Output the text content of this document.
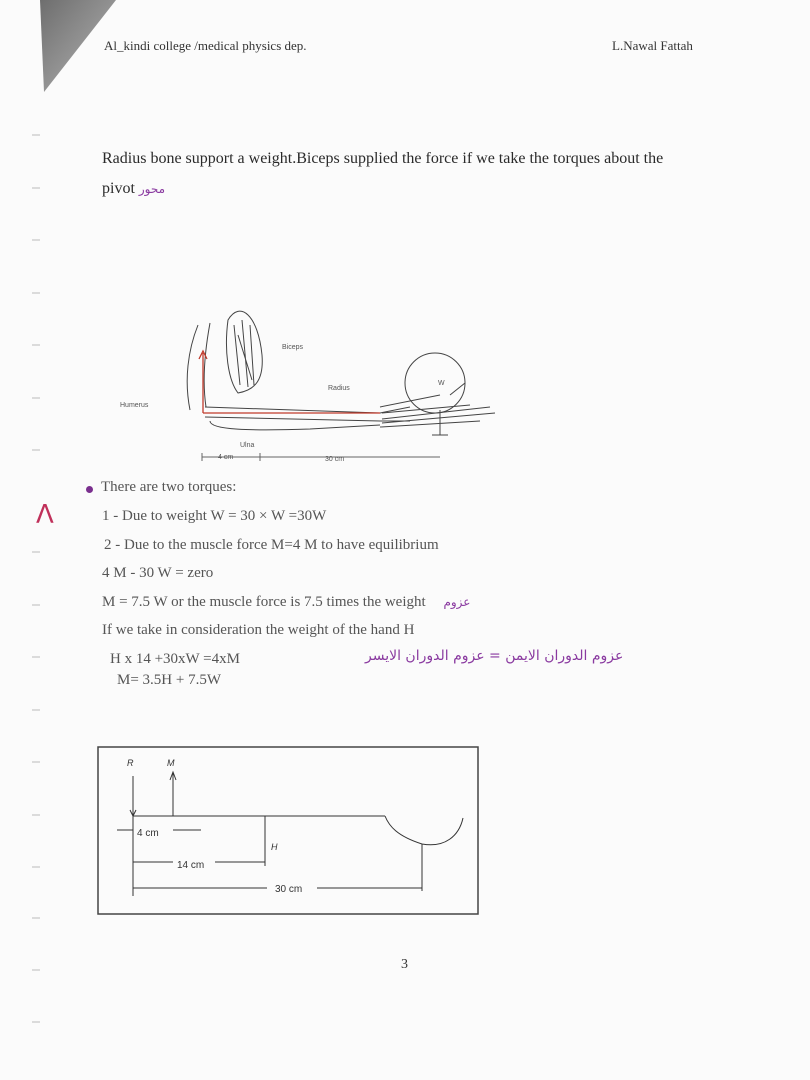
Al_kindi college /medical physics dep.	L.Nawal Fattah
Radius bone support a weight.Biceps supplied the force if we take the torques about the
pivot محور
Biceps
Radius
Humerus
Ulna
W
4 cm	30 cm
There are two torques:
1 - Due to weight W = 30 × W =30W
2 - Due to the muscle force M=4 M to have equilibrium
4 M - 30 W = zero
M = 7.5 W or the muscle force is 7.5 times the weight عزوم
If we take in consideration the weight of the hand H
H x 14 +30xW =4xM
M= 3.5H + 7.5W
عزوم الدوران الايمن = عزوم الدوران الايسر
Λ
R	M
H
4 cm
14 cm
30 cm
3
